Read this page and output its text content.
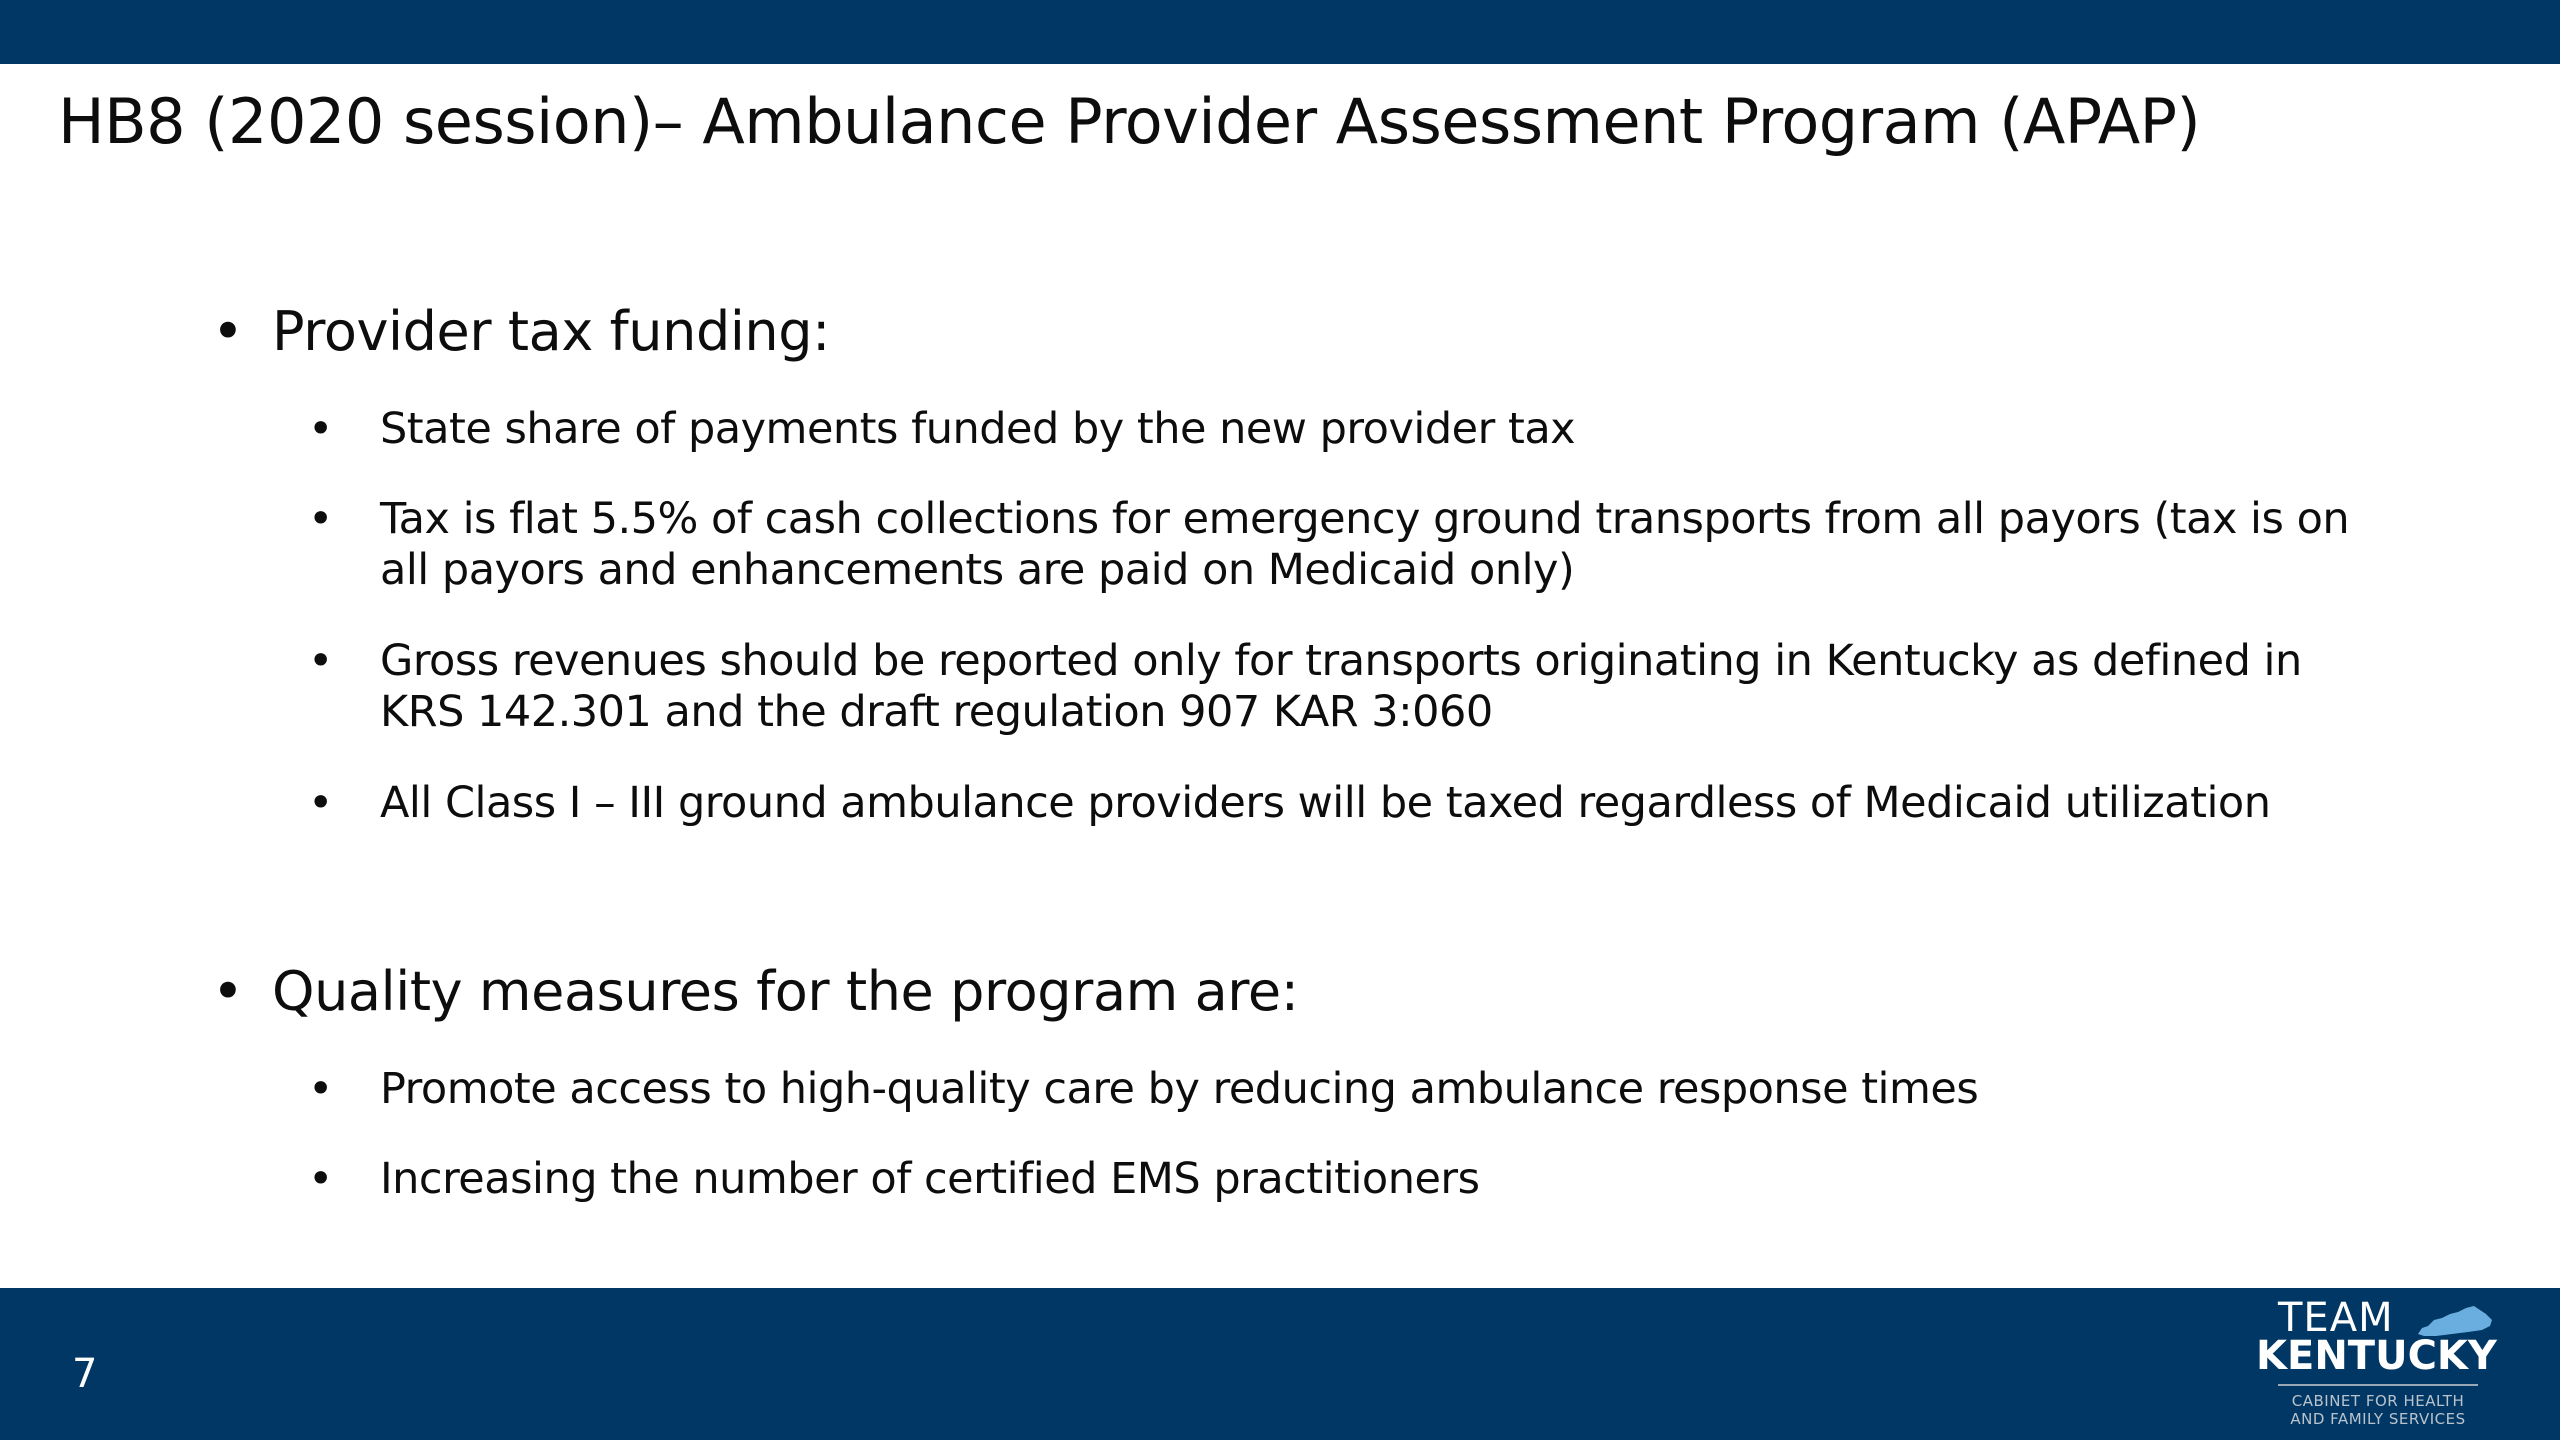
HB8 (2020 session)– Ambulance Provider Assessment Program (APAP)
• Provider tax funding:
• State share of payments funded by the new provider tax
• Tax is flat 5.5% of cash collections for emergency ground transports from all payors (tax is on all payors and enhancements are paid on Medicaid only)
• Gross revenues should be reported only for transports originating in Kentucky as defined in KRS 142.301 and the draft regulation 907 KAR 3:060
• All Class I – III ground ambulance providers will be taxed regardless of Medicaid utilization
• Quality measures for the program are:
• Promote access to high-quality care by reducing ambulance response times
• Increasing the number of certified EMS practitioners
7
TEAM
KENTUCKY
CABINET FOR HEALTH
AND FAMILY SERVICES
